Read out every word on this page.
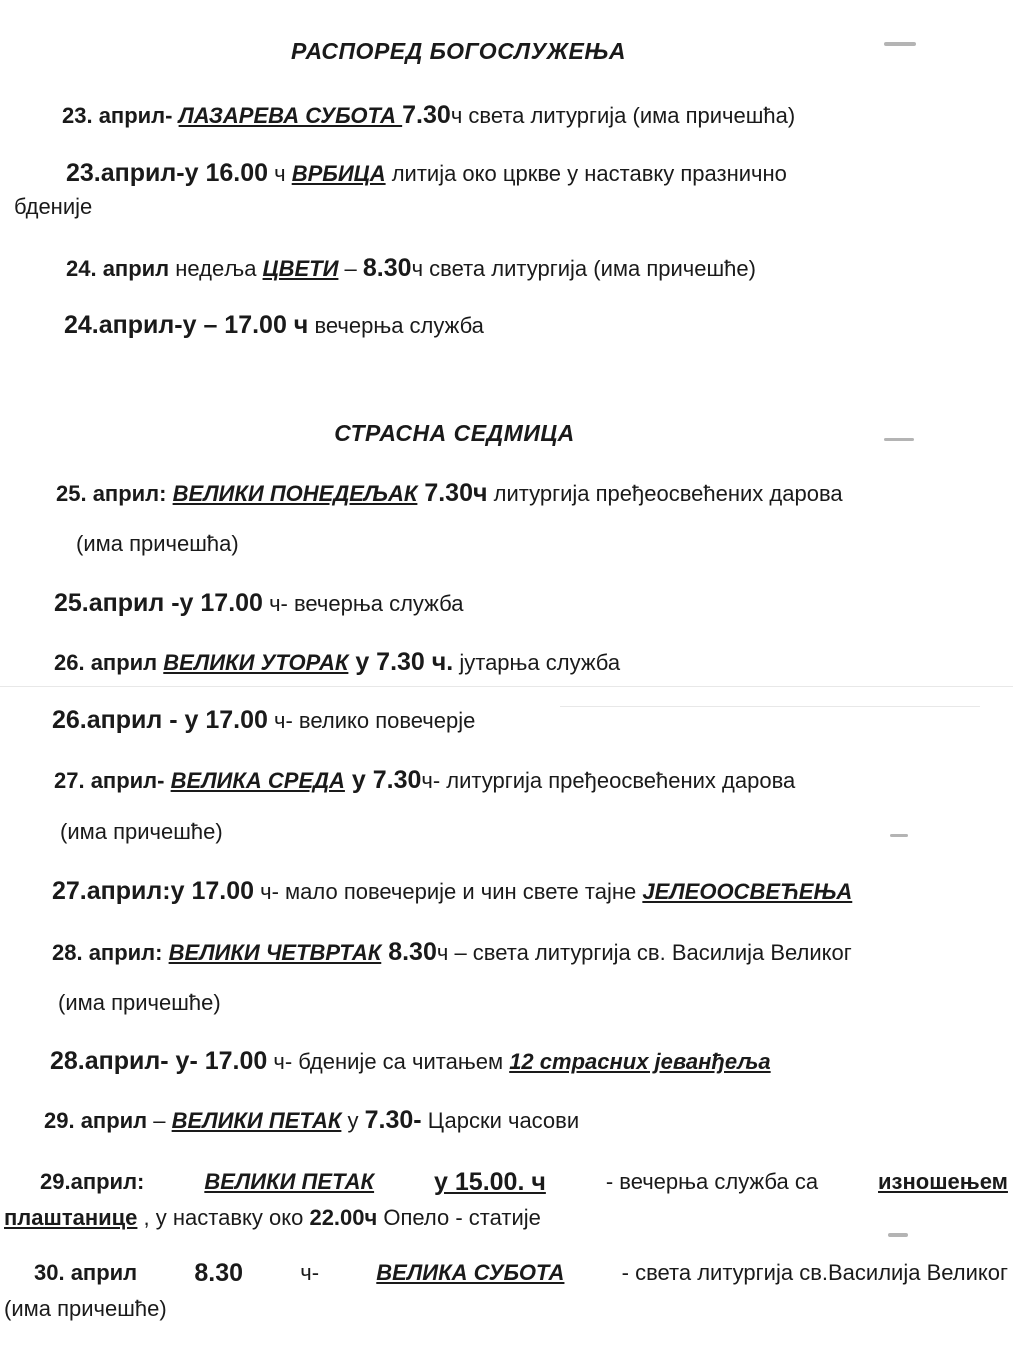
РАСПОРЕД БОГОСЛУЖЕЊА
23. април- ЛАЗАРЕВА СУБОТА 7.30ч света литургија (има причешћа)
23.април-у 16.00 ч ВРБИЦА литија око цркве у наставку празнично
бденије
24. април недеља ЦВЕТИ – 8.30ч света литургија (има причешће)
24.април-у – 17.00 ч вечерња служба
СТРАСНА СЕДМИЦА
25. април: ВЕЛИКИ ПОНЕДЕЉАК 7.30ч литургија пређеосвећених дарова
(има причешћа)
25.април -у 17.00 ч- вечерња служба
26. април ВЕЛИКИ УТОРАК у 7.30 ч. јутарња служба
26.април - у 17.00 ч- велико повечерје
27. април- ВЕЛИКА СРЕДА у 7.30ч- литургија пређеосвећених дарова
(има причешће)
27.април:у 17.00 ч- мало повечерије и чин свете тајне ЈЕЛЕООСВЕЋЕЊА
28. април: ВЕЛИКИ ЧЕТВРТАК 8.30ч – света литургија св. Василија Великог
(има причешће)
28.април- у- 17.00 ч- бденије са читањем 12 страсних јеванђеља
29. април – ВЕЛИКИ ПЕТАК у 7.30- Царски часови
29.април:	ВЕЛИКИ ПЕТАК у 15.00. ч	- вечерња служба са	изношењем
плаштанице , у наставку око 22.00ч Опело - статије
30. април 8.30	ч-	ВЕЛИКА СУБОТА	- света литургија св.Василија Великог
(има причешће)
